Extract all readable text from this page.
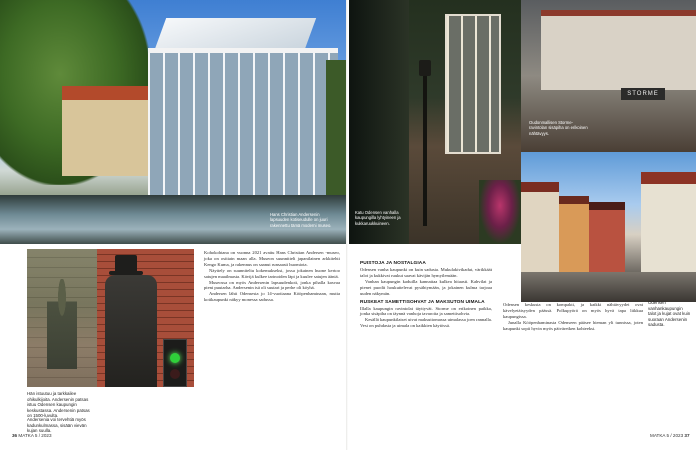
Hans Christian Andersenin lapsuuden kotiseudulle on juuri rakennettu tämä moderni museo.
Hän istuutuu ja tarkkailee ohikulkijoita. Andersenin patsas istuu Odensen kaupungin keskustassa. Andersenin patsas on 1500-luvulta.
Andersenia voi tervehtiä myös kadunkulmassa, sisään vievän kujan suulla.

Kohokohtana on vuonna 2021 avattu Hans Christian Andersen -museo, joka on osittain maan alla. Museon suunnitteli japanilainen arkkitehti Kengo Kuma, ja rakennus on saanut runsaasti huomiota.

Näyttely on suunniteltu kokemukseksi, jossa jokainen huone kertoo satujen maailmasta. Kävijä kulkee tarinoiden läpi ja kuulee satujen ääniä.

Museossa on myös Andersenin lapsuudenkoti, jonka pihalla kasvaa pieni puutarha. Andersenin isä oli suutari ja perhe oli köyhä.

Andersen lähti Odensesta jo 14-vuotiaana Kööpenhaminaan, mutta kotikaupunki näkyy monessa sadussa.

36 MATKA 5 / 2023
Katu Odensen vanhalla kaupungilla lyhtyineen ja kukkaruukkuineen.
STORME
Oudonmallisen Storme-ravintolan sisäpiha on erikoinen nähtävyys.
Odensen vanhankaupungin talot ja kujat ovat kuin suoraan Andersenin sadusta.
PUISTOJA JA NOSTALGIAA

Odensen vanha kaupunki on kuin sadusta. Mukulakivikadut, värikkäät talot ja kukkivat ruukut saavat kävijän hymyilemään.

Vanhan kaupungin kaduilla kannattaa kulkea hitaasti. Kahvilat ja pienet puodit houkuttelevat pysähtymään, ja jokainen kulma tarjoaa uuden näkymän.

RUSKEAT SAMETTISOHVAT JA MAKSUTON UIMALA

Illalla kaupungin ravintolat täyttyvät. Storme on erikoinen paikka, jonka sisäpiha on täynnä vanhoja tavaroita ja samettisohvia.

Kesällä kaupunkilaiset uivat maksuttomassa uimalassa joen rannalla. Vesi on puhdasta ja uimala on kaikkien käytössä.

Odensen keskusta on kompakti, ja kaikki nähtävyydet ovat kävelyetäisyyden päässä. Polkupyörä on myös hyvä tapa liikkua kaupungissa.

Junalla Kööpenhaminasta Odenseen pääsee hieman yli tunnissa, joten kaupunki sopii hyvin myös päiväretken kohteeksi.

MATKA 5 / 2023 37
